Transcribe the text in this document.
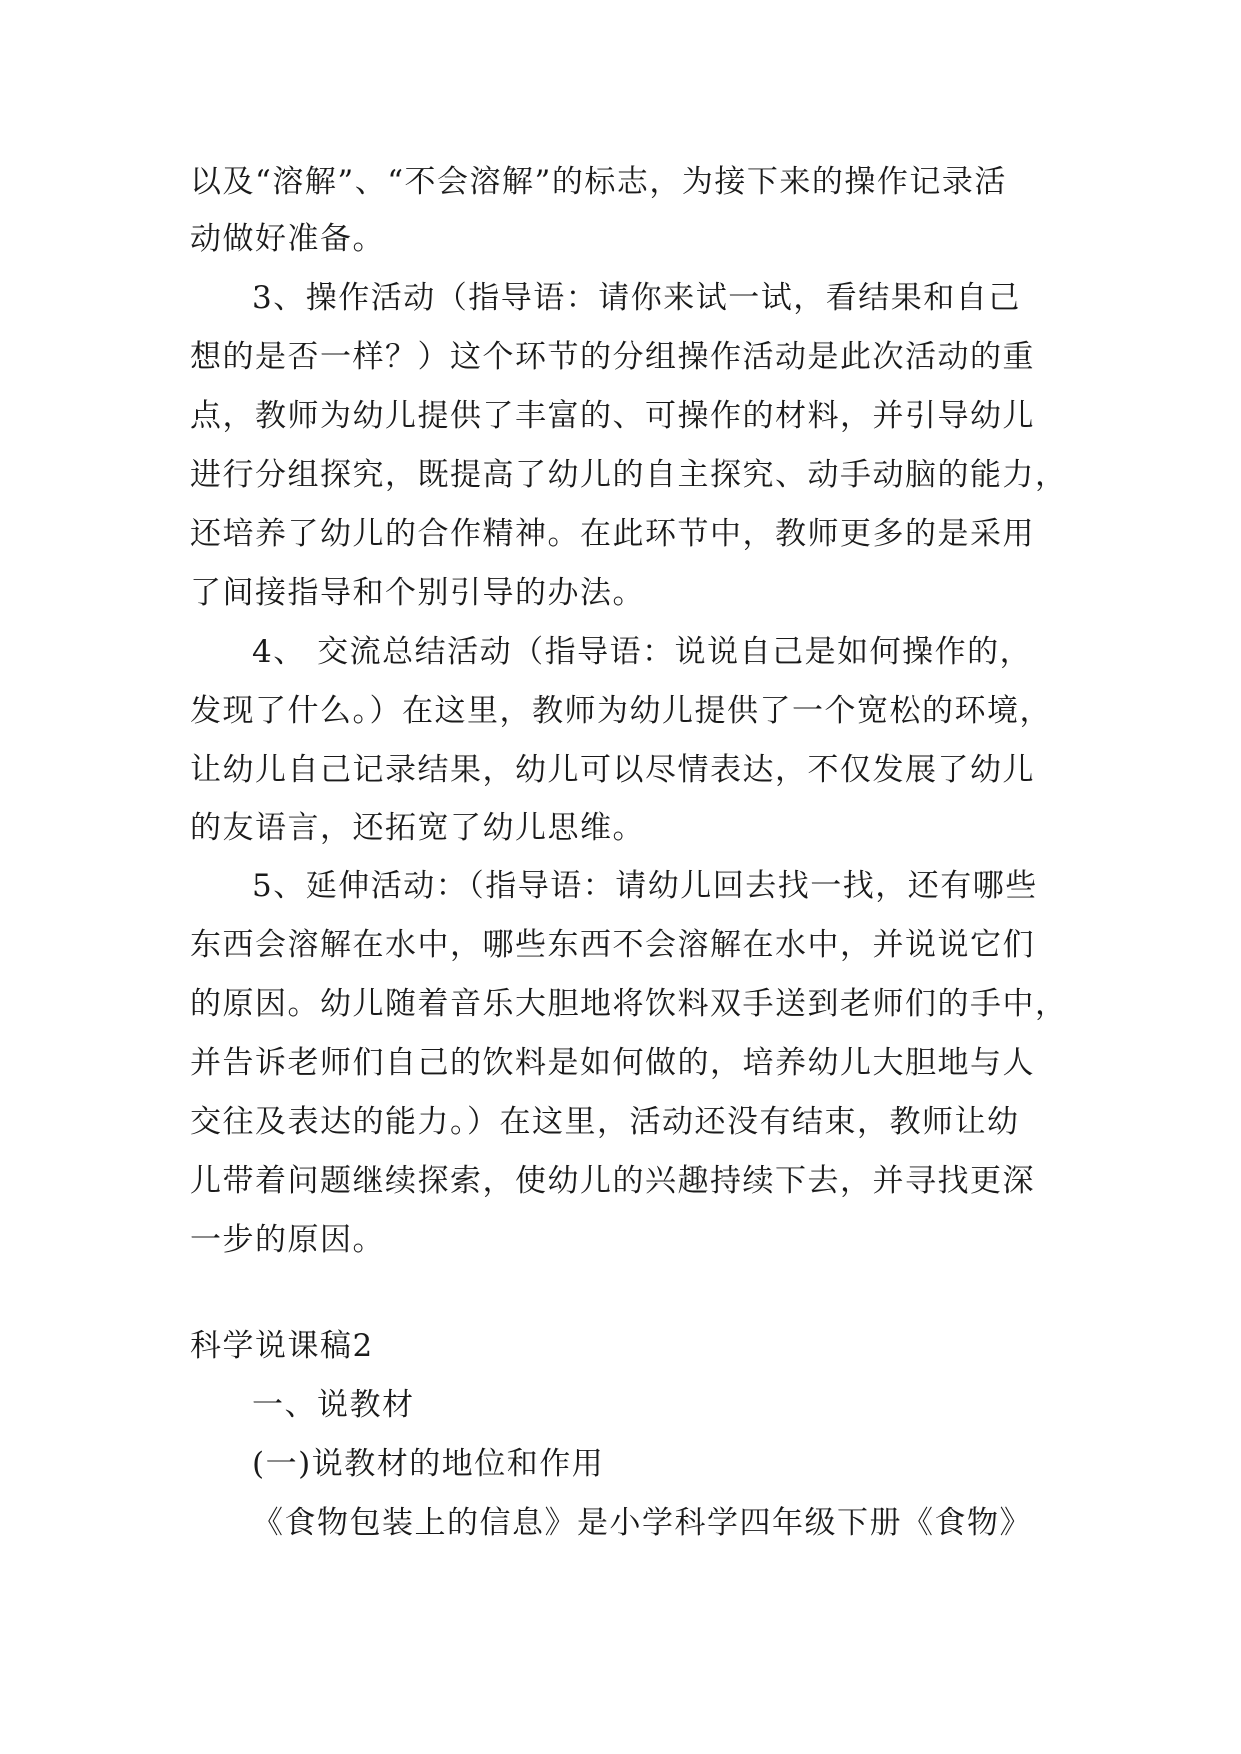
以及“溶解”、“不会溶解”的标志，为接下来的操作记录活
动做好准备。
3、操作活动（指导语：请你来试一试，看结果和自己
想的是否一样？）这个环节的分组操作活动是此次活动的重
点，教师为幼儿提供了丰富的、可操作的材料，并引导幼儿
进行分组探究，既提高了幼儿的自主探究、动手动脑的能力，
还培养了幼儿的合作精神。在此环节中，教师更多的是采用
了间接指导和个别引导的办法。
4、 交流总结活动（指导语：说说自己是如何操作的，
发现了什么。）在这里，教师为幼儿提供了一个宽松的环境，
让幼儿自己记录结果，幼儿可以尽情表达，不仅发展了幼儿
的友语言，还拓宽了幼儿思维。
5、延伸活动：（指导语：请幼儿回去找一找，还有哪些
东西会溶解在水中，哪些东西不会溶解在水中，并说说它们
的原因。幼儿随着音乐大胆地将饮料双手送到老师们的手中，
并告诉老师们自己的饮料是如何做的，培养幼儿大胆地与人
交往及表达的能力。）在这里，活动还没有结束，教师让幼
儿带着问题继续探索，使幼儿的兴趣持续下去，并寻找更深
一步的原因。
科学说课稿2
一、说教材
(一)说教材的地位和作用
《食物包装上的信息》是小学科学四年级下册《食物》
